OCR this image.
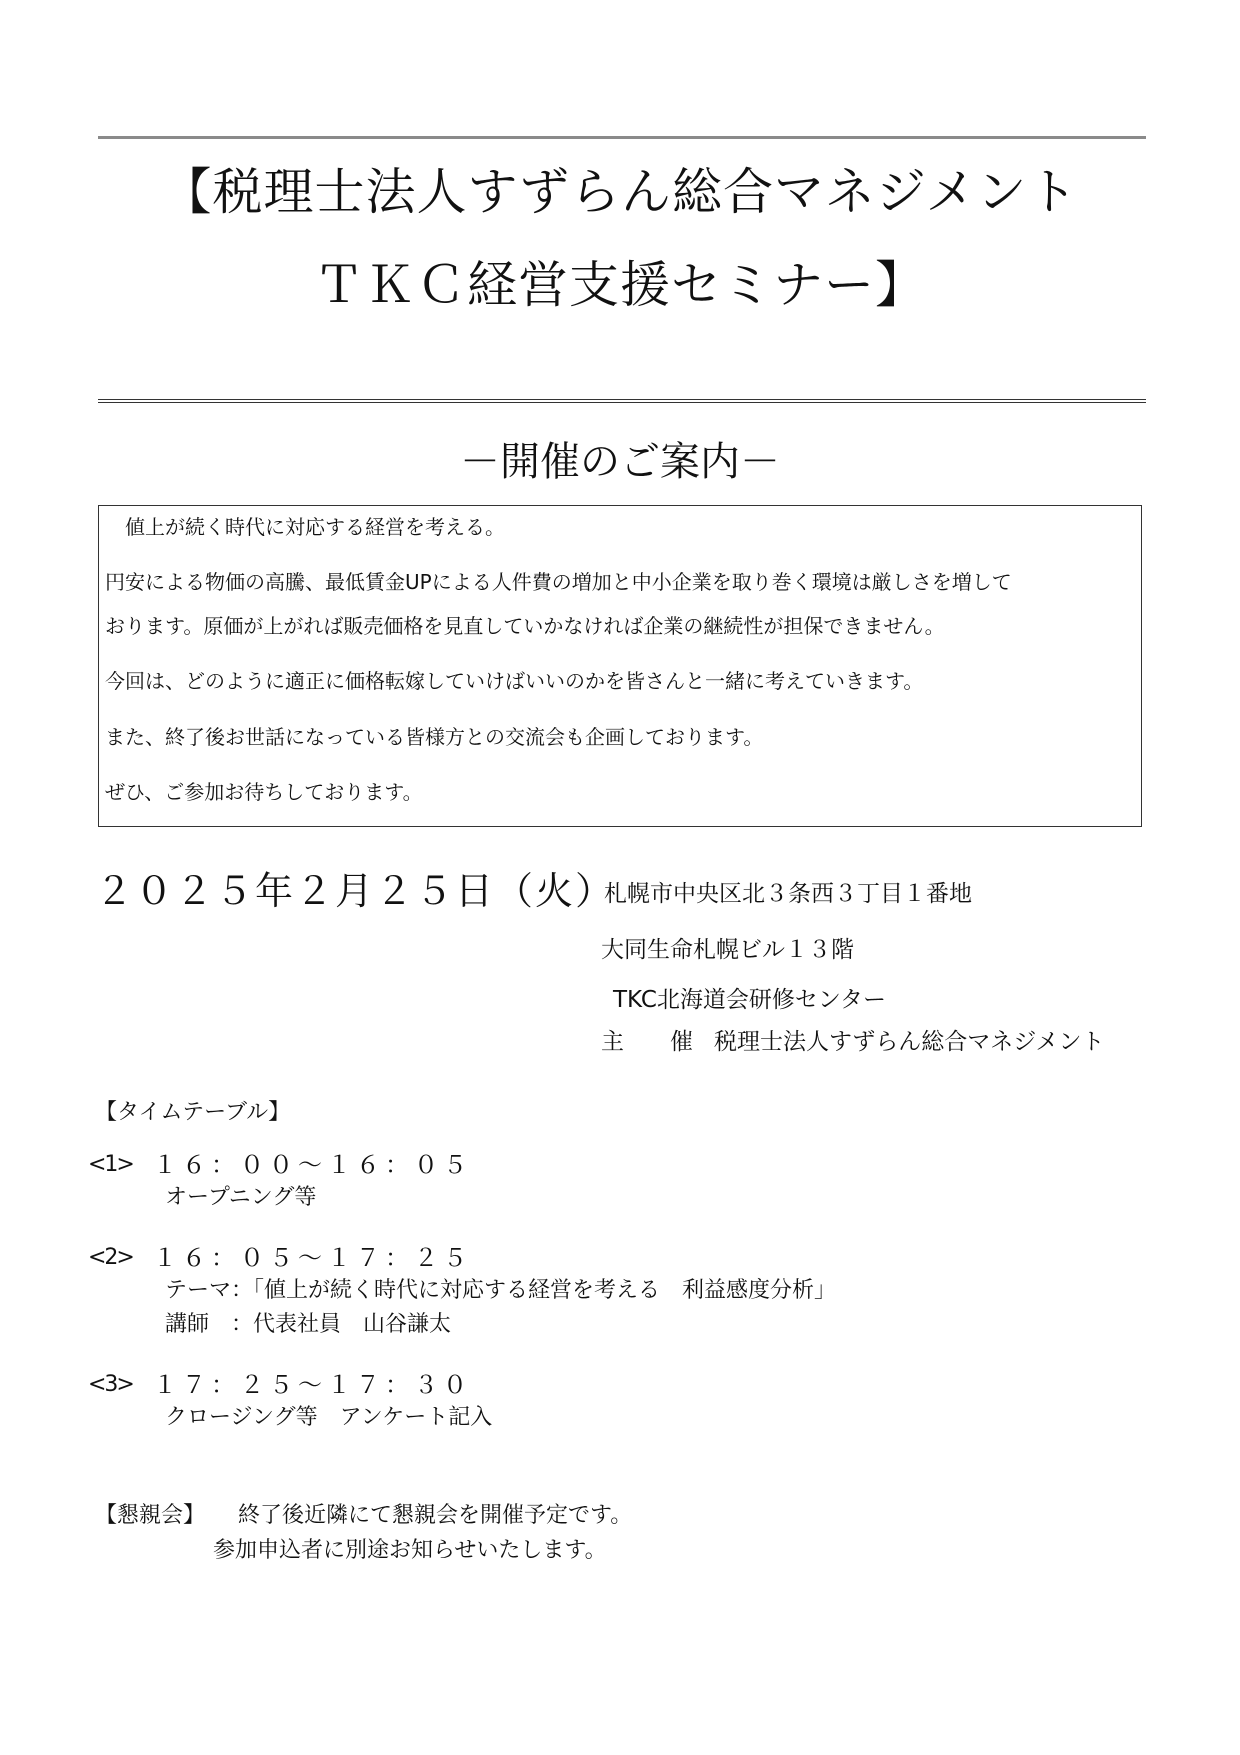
【税理士法人すずらん総合マネジメント
ＴＫＣ経営支援セミナー】
－開催のご案内－
　値上が続く時代に対応する経営を考える。
円安による物価の高騰、最低賃金UPによる人件費の増加と中小企業を取り巻く環境は厳しさを増して
おります。原価が上がれば販売価格を見直していかなければ企業の継続性が担保できません。
今回は、どのように適正に価格転嫁していけばいいのかを皆さんと一緒に考えていきます。
また、終了後お世話になっている皆様方との交流会も企画しております。
ぜひ、ご参加お待ちしております。
２０２５年２月２５日（火）
札幌市中央区北３条西３丁目１番地
大同生命札幌ビル１３階
TKC北海道会研修センター
主　　催 税理士法人すずらん総合マネジメント
【タイムテーブル】
<1> １６：００～１６：０５
オープニング等
<2> １６：０５～１７：２５
テーマ：「値上が続く時代に対応する経営を考える　利益感度分析」
講師　：代表社員　山谷謙太
<3> １７：２５～１７：３０
クロージング等　アンケート記入
【懇親会】 終了後近隣にて懇親会を開催予定です。
参加申込者に別途お知らせいたします。
